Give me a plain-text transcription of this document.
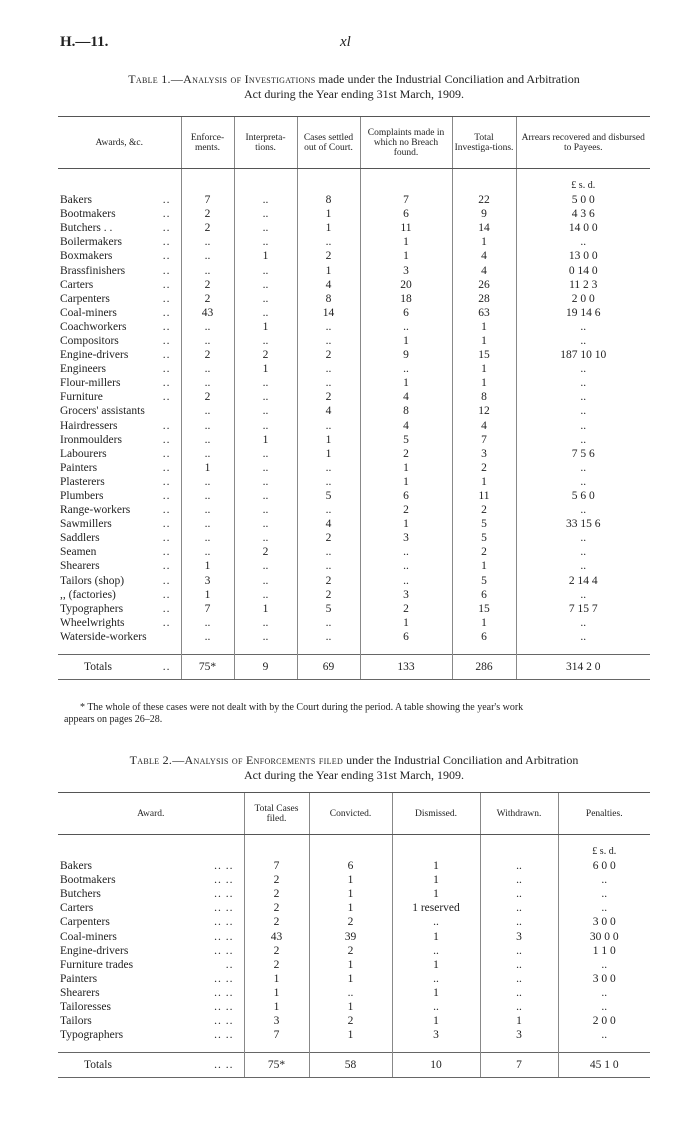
H.—11.	xl
Table 1.—Analysis of Investigations made under the Industrial Conciliation and Arbitration
Act during the Year ending 31st March, 1909.
Awards, &c.	Enforce-ments.	Interpreta-tions.	Cases settled out of Court.	Complaints made in which no Breach found.	Total Investiga-tions.	Arrears recovered and disbursed to Payees.

						£ s. d.

..
Bakers	7	..	8	7	22	5 0 0

..
Bootmakers	2	..	1	6	9	4 3 6

..
Butchers . .	2	..	1	11	14	14 0 0

..
Boilermakers	..	..	..	1	1	..

..
Boxmakers	..	1	2	1	4	13 0 0

..
Brassfinishers	..	..	1	3	4	0 14 0

..
Carters	2	..	4	20	26	11 2 3

..
Carpenters	2	..	8	18	28	2 0 0

..
Coal-miners	43	..	14	6	63	19 14 6

..
Coachworkers	..	1	..	..	1	..

..
Compositors	..	..	..	1	1	..

..
Engine-drivers	2	2	2	9	15	187 10 10

..
Engineers	..	1	..	..	1	..

..
Flour-millers	..	..	..	1	1	..

..
Furniture	2	..	2	4	8	..

Grocers' assistants	..	..	4	8	12	..

..
Hairdressers	..	..	..	4	4	..

..
Ironmoulders	..	1	1	5	7	..

..
Labourers	..	..	1	2	3	7 5 6

..
Painters	1	..	..	1	2	..

..
Plasterers	..	..	..	1	1	..

..
Plumbers	..	..	5	6	11	5 6 0

..
Range-workers	..	..	..	2	2	..

..
Sawmillers	..	..	4	1	5	33 15 6

..
Saddlers	..	..	2	3	5	..

..
Seamen	..	2	..	..	2	..

..
Shearers	1	..	..	..	1	..

..
Tailors (shop)	3	..	2	..	5	2 14 4

..
,, (factories)	1	..	2	3	6	..

..
Typographers	7	1	5	2	15	7 15 7

..
Wheelwrights	..	..	..	1	1	..

Waterside-workers	..	..	..	6	6	..

..
Totals	75*	9	69	133	286	314 2 0
* The whole of these cases were not dealt with by the Court during the period. A table showing the year's work
appears on pages 26–28.
Table 2.—Analysis of Enforcements filed under the Industrial Conciliation and Arbitration
Act during the Year ending 31st March, 1909.
Award.	Total Cases filed.	Convicted.	Dismissed.	Withdrawn.	Penalties.

					£ s. d.

.. ..
Bakers	7	6	1	..	6 0 0

.. ..
Bootmakers	2	1	1	..	..

.. ..
Butchers	2	1	1	..	..

.. ..
Carters	2	1	1 reserved	..	..

.. ..
Carpenters	2	2	..	..	3 0 0

.. ..
Coal-miners	43	39	1	3	30 0 0

.. ..
Engine-drivers	2	2	..	..	1 1 0

..
Furniture trades	2	1	1	..	..

.. ..
Painters	1	1	..	..	3 0 0

.. ..
Shearers	1	..	1	..	..

.. ..
Tailoresses	1	1	..	..	..

.. ..
Tailors	3	2	1	1	2 0 0

.. ..
Typographers	7	1	3	3	..

.. ..
Totals	75*	58	10	7	45 1 0
